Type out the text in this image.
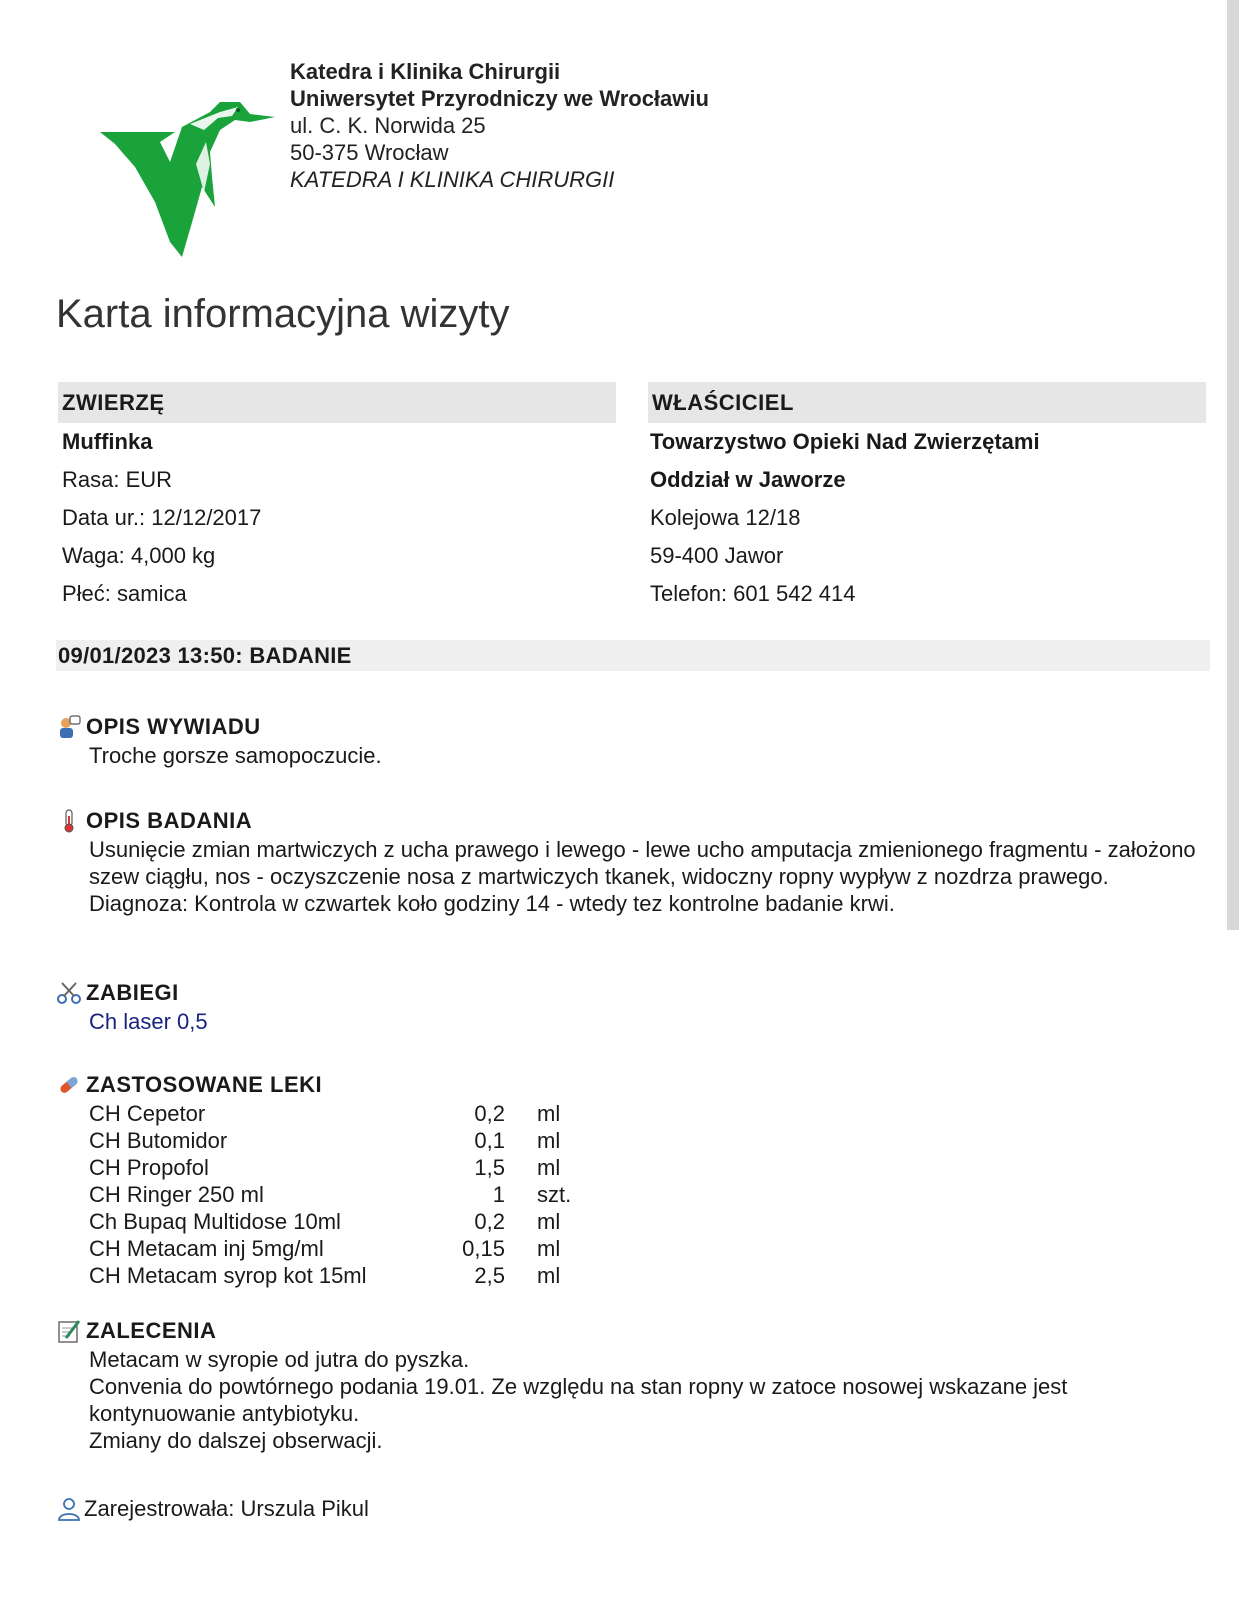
Katedra i Klinika Chirurgii
Uniwersytet Przyrodniczy we Wrocławiu
ul. C. K. Norwida 25
50-375 Wrocław
KATEDRA I KLINIKA CHIRURGII
Karta informacyjna wizyty
ZWIERZĘ
Muffinka
Rasa: EUR
Data ur.: 12/12/2017
Waga: 4,000 kg
Płeć: samica
WŁAŚCICIEL
Towarzystwo Opieki Nad Zwierzętami
Oddział w Jaworze
Kolejowa 12/18
59-400 Jawor
Telefon: 601 542 414
09/01/2023 13:50: BADANIE
OPIS WYWIADU

Troche gorsze samopoczucie.

OPIS BADANIA

Usunięcie zmian martwiczych z ucha prawego i lewego - lewe ucho amputacja zmienionego fragmentu - założono szew ciągłu, nos - oczyszczenie nosa z martwiczych tkanek, widoczny ropny wypływ z nozdrza prawego.

Diagnoza: Kontrola w czwartek koło godziny 14 - wtedy tez kontrolne badanie krwi.

ZABIEGI

Ch laser 0,5

ZASTOSOWANE LEKI
CH Cepetor	0,2	ml
CH Butomidor	0,1	ml
CH Propofol	1,5	ml
CH Ringer 250 ml	1	szt.
Ch Bupaq Multidose 10ml	0,2	ml
CH Metacam inj 5mg/ml	0,15	ml
CH Metacam syrop kot 15ml	2,5	ml
ZALECENIA

Metacam w syropie od jutra do pyszka.

Convenia do powtórnego podania 19.01. Ze względu na stan ropny w zatoce nosowej wskazane jest kontynuowanie antybiotyku.

Zmiany do dalszej obserwacji.

Zarejestrowała: Urszula Pikul
